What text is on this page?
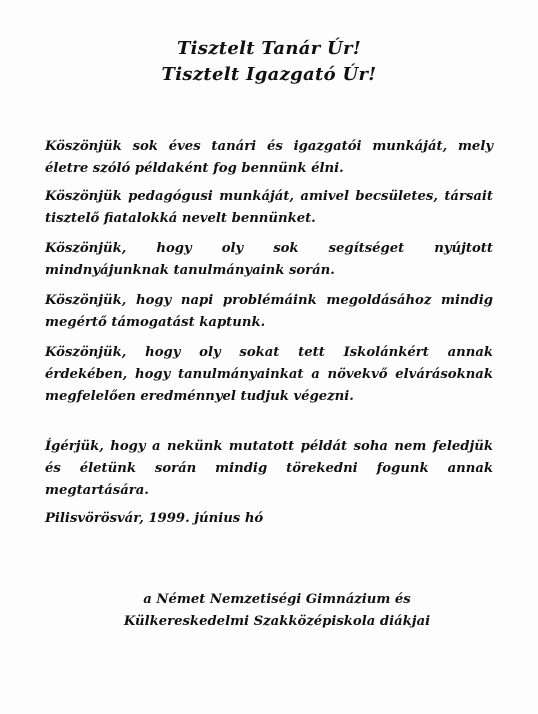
Tisztelt Tanár Úr!
Tisztelt Igazgató Úr!

Köszönjük sok éves tanári és igazgatói munkáját, mely életre szóló példaként fog bennünk élni.

Köszönjük pedagógusi munkáját, amivel becsületes, társait tisztelő fiatalokká nevelt bennünket.

Köszönjük, hogy oly sok segítséget nyújtott mindnyájunknak tanulmányaink során.

Köszönjük, hogy napi problémáink megoldásához mindig megértő támogatást kaptunk.

Köszönjük, hogy oly sokat tett Iskolánkért annak érdekében, hogy tanulmányainkat a növekvő elvárásoknak megfelelően eredménnyel tudjuk végezni.

Ígérjük, hogy a nekünk mutatott példát soha nem feledjük és életünk során mindig törekedni fogunk annak megtartására.

Pilisvörösvár, 1999. június hó
a Német Nemzetiségi Gimnázium és
Külkereskedelmi Szakközépiskola diákjai
